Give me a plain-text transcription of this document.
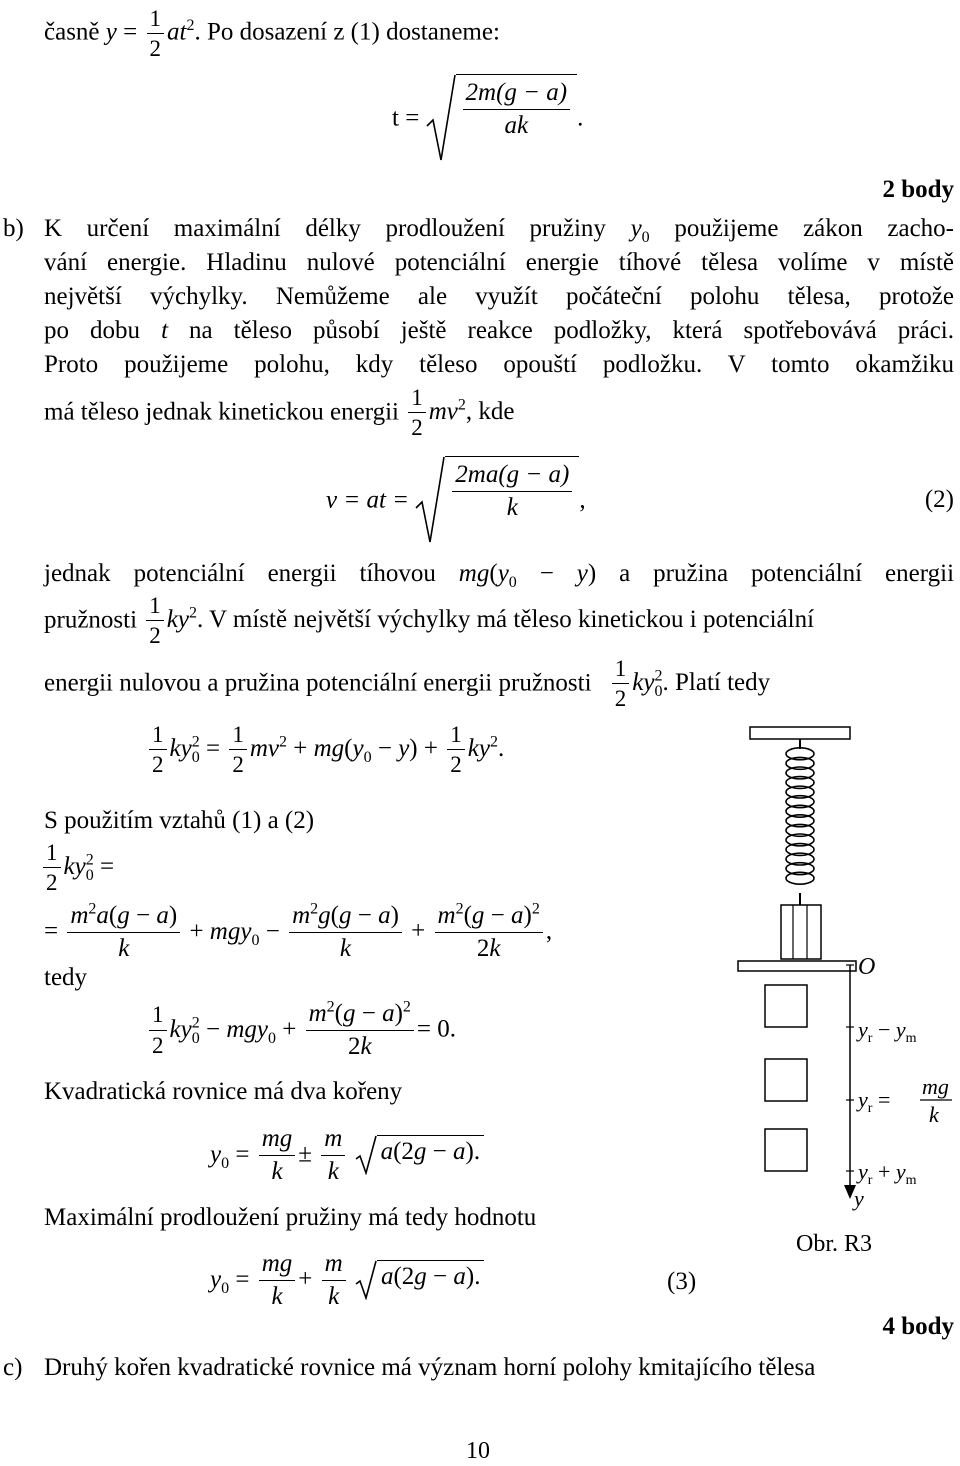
časně $y = \frac{1}{2} at^2$. Po dosazení z (1) dostaneme:
$t = \frac{2m(g - a)}{ak}$ .
2 body
b) K určení maximální délky prodloužení pružiny $y_0$ použijeme zákon zacho-
vání energie. Hladinu nulové potenciální energie tíhové tělesa volíme v místě
největší výchylky. Nemůžeme ale využít počáteční polohu tělesa, protože
po dobu t na těleso působí ještě reakce podložky, která spotřebovává práci.
Proto použijeme polohu, kdy těleso opouští podložku. V tomto okamžiku
má těleso jednak kinetickou energii $\frac{1}{2} mv^2$, kde
v = at = $\frac{2ma(g - a)}{k}$ ,	(2)
jednak potenciální energii tíhovou $mg(y_0 - y)$ a pružina potenciální energii
pružnosti $\frac{1}{2} ky^2$. V místě největší výchylky má těleso kinetickou i potenciální
energii nulovou a pružina potenciální energii pružnosti $\frac{1}{2} ky^2_0$. Platí tedy
$\frac{1}{2} ky^2_0 = \frac{1}{2} mv^2 + mg(y_0 - y) + \frac{1}{2} ky^2$.
S použitím vztahů (1) a (2)
$\frac{1}{2} ky^2_0$ =
= $\frac{m^2a(g - a)}{k} + mgy_0 - \frac{m^2g(g - a)}{k} + \frac{m^2(g - a)^2}{2k}$ ,
tedy
$\frac{1}{2} ky^2_0 - mgy_0 + \frac{m^2(g - a)^2}{2k} = 0$.
Kvadratická rovnice má dva kořeny
$y_0 = \frac{mg}{k} \pm \frac{m}{k}$
a(2g − a).
Maximální prodloužení pružiny má tedy hodnotu
$y_0 = \frac{mg}{k} + \frac{m}{k}$
a(2g − a).	(3)
4 body
c) Druhý kořen kvadratické rovnice má význam horní polohy kmitajícího tělesa
10
O
$y_r - y_m$
$y_r$ =
mg
k
$y_r + y_m$
y
Obr. R3
